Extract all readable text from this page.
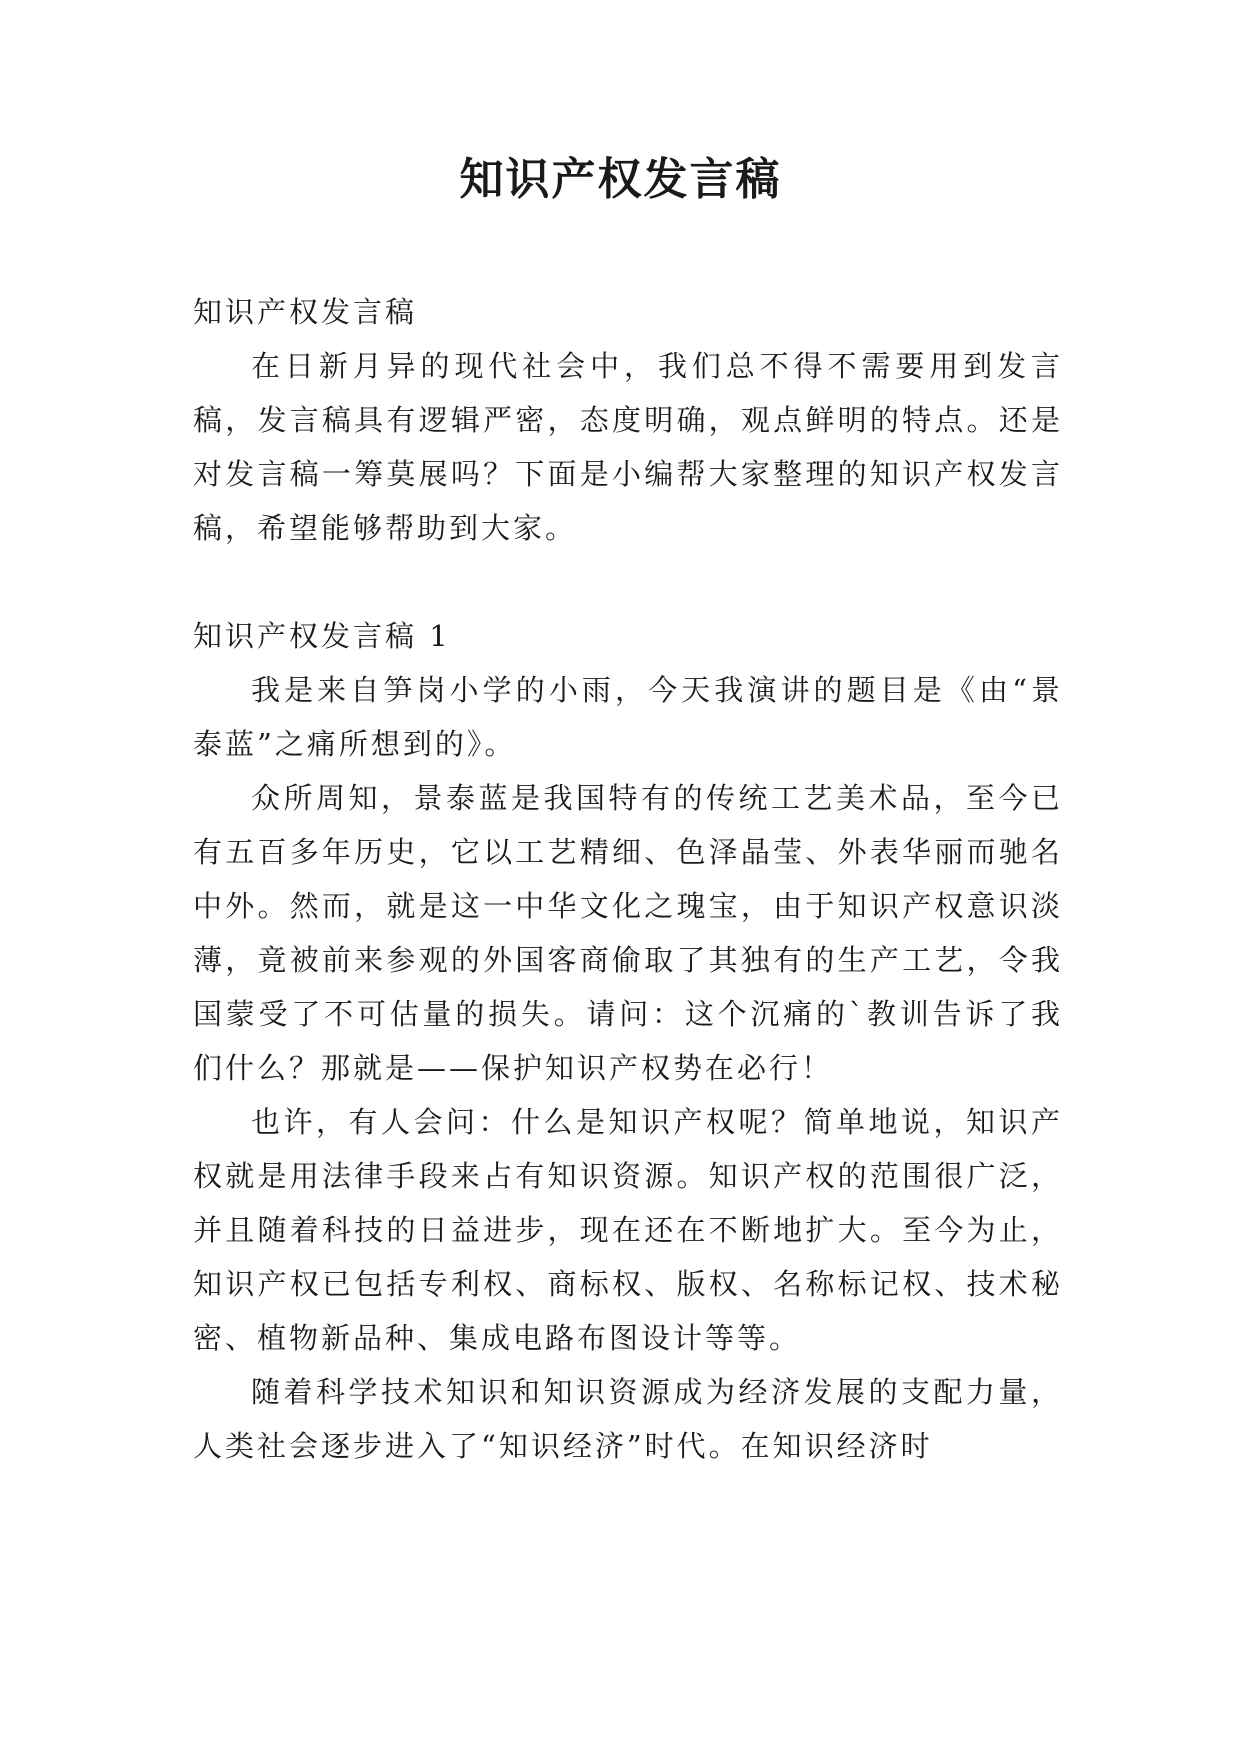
知识产权发言稿

知识产权发言稿

在日新月异的现代社会中，我们总不得不需要用到发言稿，发言稿具有逻辑严密，态度明确，观点鲜明的特点。还是对发言稿一筹莫展吗？下面是小编帮大家整理的知识产权发言稿，希望能够帮助到大家。

知识产权发言稿 1

我是来自笋岗小学的小雨，今天我演讲的题目是《由“景泰蓝”之痛所想到的》。

众所周知，景泰蓝是我国特有的传统工艺美术品，至今已有五百多年历史，它以工艺精细、色泽晶莹、外表华丽而驰名中外。然而，就是这一中华文化之瑰宝，由于知识产权意识淡薄，竟被前来参观的外国客商偷取了其独有的生产工艺，令我国蒙受了不可估量的损失。请问：这个沉痛的`教训告诉了我们什么？那就是——保护知识产权势在必行！

也许，有人会问：什么是知识产权呢？简单地说，知识产权就是用法律手段来占有知识资源。知识产权的范围很广泛，并且随着科技的日益进步，现在还在不断地扩大。至今为止，知识产权已包括专利权、商标权、版权、名称标记权、技术秘密、植物新品种、集成电路布图设计等等。

随着科学技术知识和知识资源成为经济发展的支配力量，人类社会逐步进入了“知识经济”时代。在知识经济时
